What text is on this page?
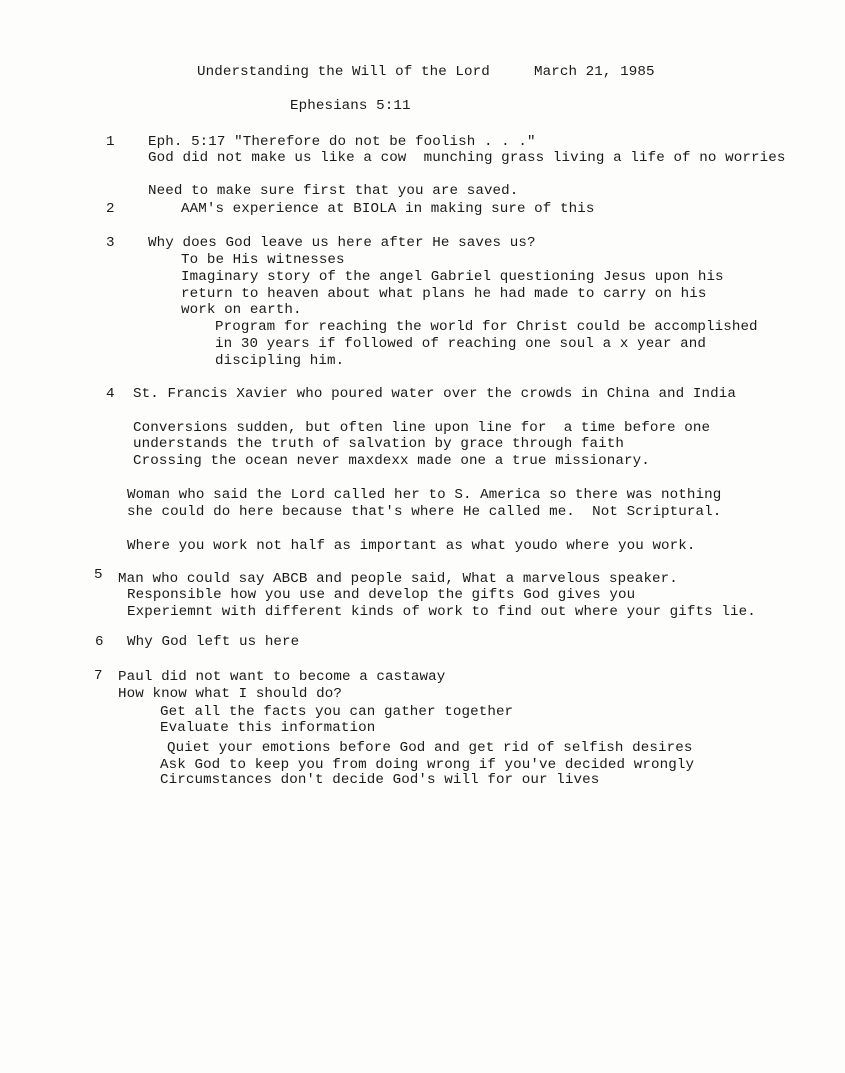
Understanding the Will of the Lord	March 21, 1985
Ephesians 5:11
1 Eph. 5:17 "Therefore do not be foolish . . ."
God did not make us like a cow  munching grass living a life of no worries
Need to make sure first that you are saved.
2	AAM's experience at BIOLA in making sure of this
3 Why does God leave us here after He saves us?
To be His witnesses
Imaginary story of the angel Gabriel questioning Jesus upon his
return to heaven about what plans he had made to carry on his
work on earth.
Program for reaching the world for Christ could be accomplished
in 30 years if followed of reaching one soul a x year and
discipling him.
4 St. Francis Xavier who poured water over the crowds in China and India
Conversions sudden, but often line upon line for  a time before one
understands the truth of salvation by grace through faith
Crossing the ocean never maxdexx made one a true missionary.
Woman who said the Lord called her to S. America so there was nothing
she could do here because that's where He called me.  Not Scriptural.
Where you work not half as important as what youdo where you work.
5 Man who could say ABCB and people said, What a marvelous speaker.
Responsible how you use and develop the gifts God gives you
Experiemnt with different kinds of work to find out where your gifts lie.
6 Why God left us here
7 Paul did not want to become a castaway
How know what I should do?
Get all the facts you can gather together
Evaluate this information
Quiet your emotions before God and get rid of selfish desires
Ask God to keep you from doing wrong if you've decided wrongly
Circumstances don't decide God's will for our lives
